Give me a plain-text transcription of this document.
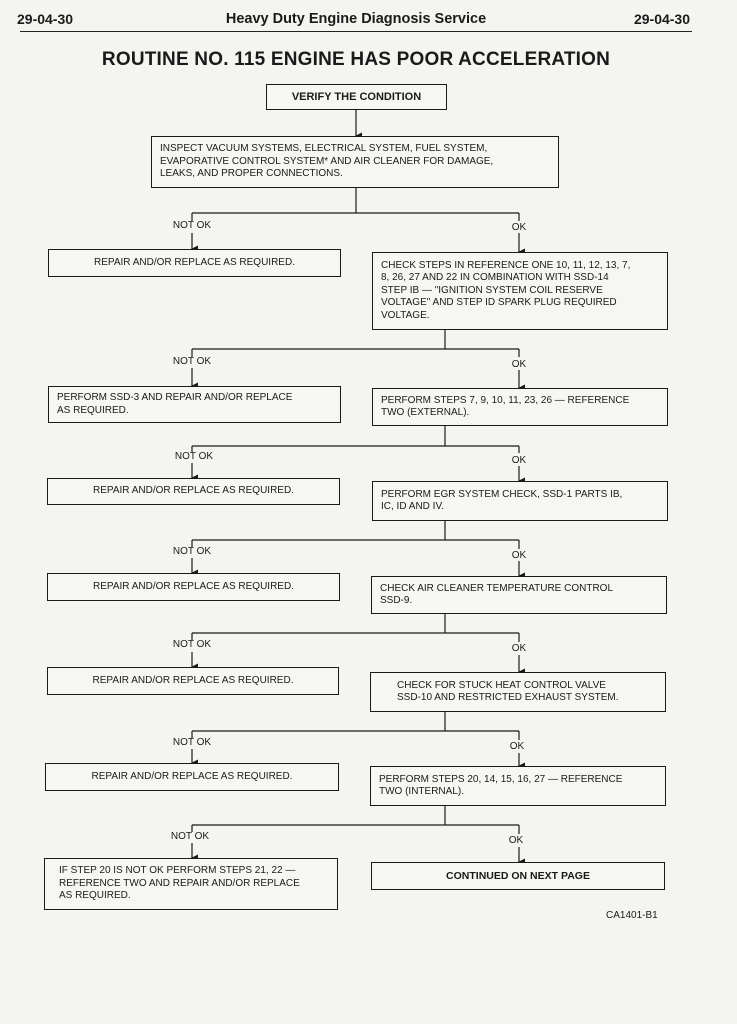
29-04-30	Heavy Duty Engine Diagnosis Service	29-04-30
ROUTINE NO. 115 ENGINE HAS POOR ACCELERATION
VERIFY THE CONDITION
INSPECT VACUUM SYSTEMS, ELECTRICAL SYSTEM, FUEL SYSTEM,
EVAPORATIVE CONTROL SYSTEM* AND AIR CLEANER FOR DAMAGE,
LEAKS, AND PROPER CONNECTIONS.
NOT OK	OK
REPAIR AND/OR REPLACE AS REQUIRED.	CHECK STEPS IN REFERENCE ONE 10, 11, 12, 13, 7,
8, 26, 27 AND 22 IN COMBINATION WITH SSD-14
STEP IB — "IGNITION SYSTEM COIL RESERVE
VOLTAGE" AND STEP ID SPARK PLUG REQUIRED
VOLTAGE.
NOT OK	OK
PERFORM SSD-3 AND REPAIR AND/OR REPLACE
AS REQUIRED.
PERFORM STEPS 7, 9, 10, 11, 23, 26 — REFERENCE
TWO (EXTERNAL).
NOT OK	OK
REPAIR AND/OR REPLACE AS REQUIRED.	PERFORM EGR SYSTEM CHECK, SSD-1 PARTS IB,
IC, ID AND IV.
NOT OK	OK
REPAIR AND/OR REPLACE AS REQUIRED.	CHECK AIR CLEANER TEMPERATURE CONTROL
SSD-9.
NOT OK	OK
REPAIR AND/OR REPLACE AS REQUIRED.	CHECK FOR STUCK HEAT CONTROL VALVE
SSD-10 AND RESTRICTED EXHAUST SYSTEM.
NOT OK	OK
REPAIR AND/OR REPLACE AS REQUIRED.	PERFORM STEPS 20, 14, 15, 16, 27 — REFERENCE
TWO (INTERNAL).
NOT OK	OK
IF STEP 20 IS NOT OK PERFORM STEPS 21, 22 —
REFERENCE TWO AND REPAIR AND/OR REPLACE
AS REQUIRED.
CONTINUED ON NEXT PAGE
CA1401-B1
